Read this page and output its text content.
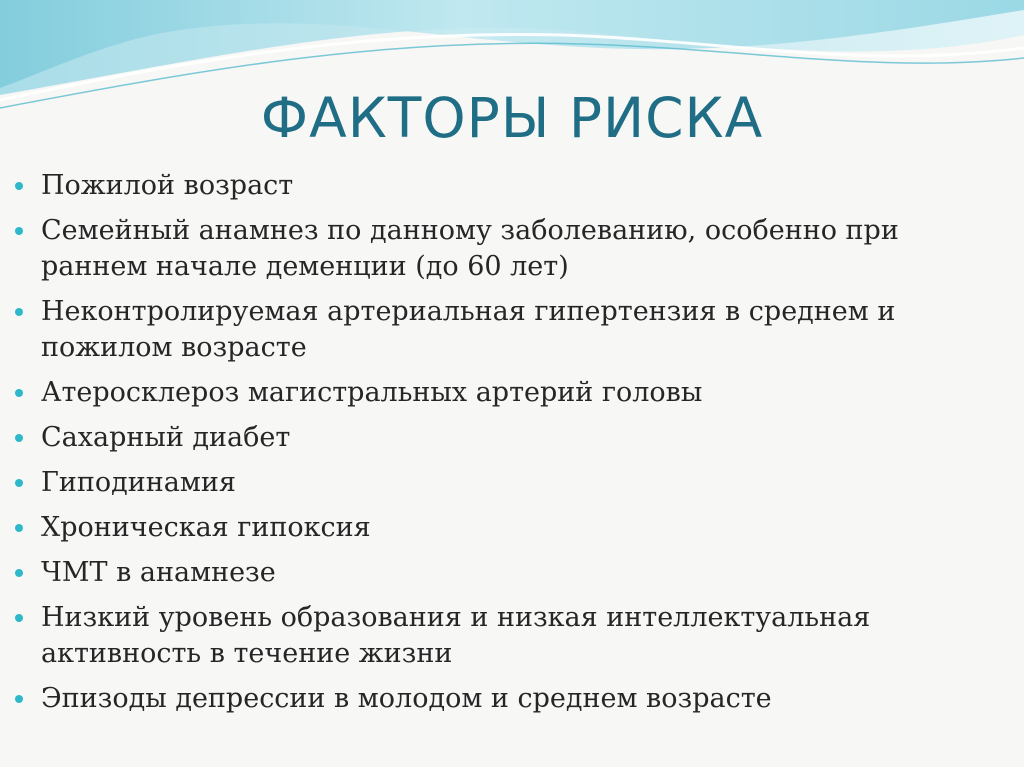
ФАКТОРЫ РИСКА
Пожилой возраст
Семейный анамнез по данному заболеванию, особенно при раннем начале деменции (до 60 лет)
Неконтролируемая артериальная гипертензия в среднем и пожилом возрасте
Атеросклероз магистральных артерий головы
Сахарный диабет
Гиподинамия
Хроническая гипоксия
ЧМТ в анамнезе
Низкий уровень образования и низкая интеллектуальная активность в течение жизни
Эпизоды депрессии в молодом и среднем возрасте
